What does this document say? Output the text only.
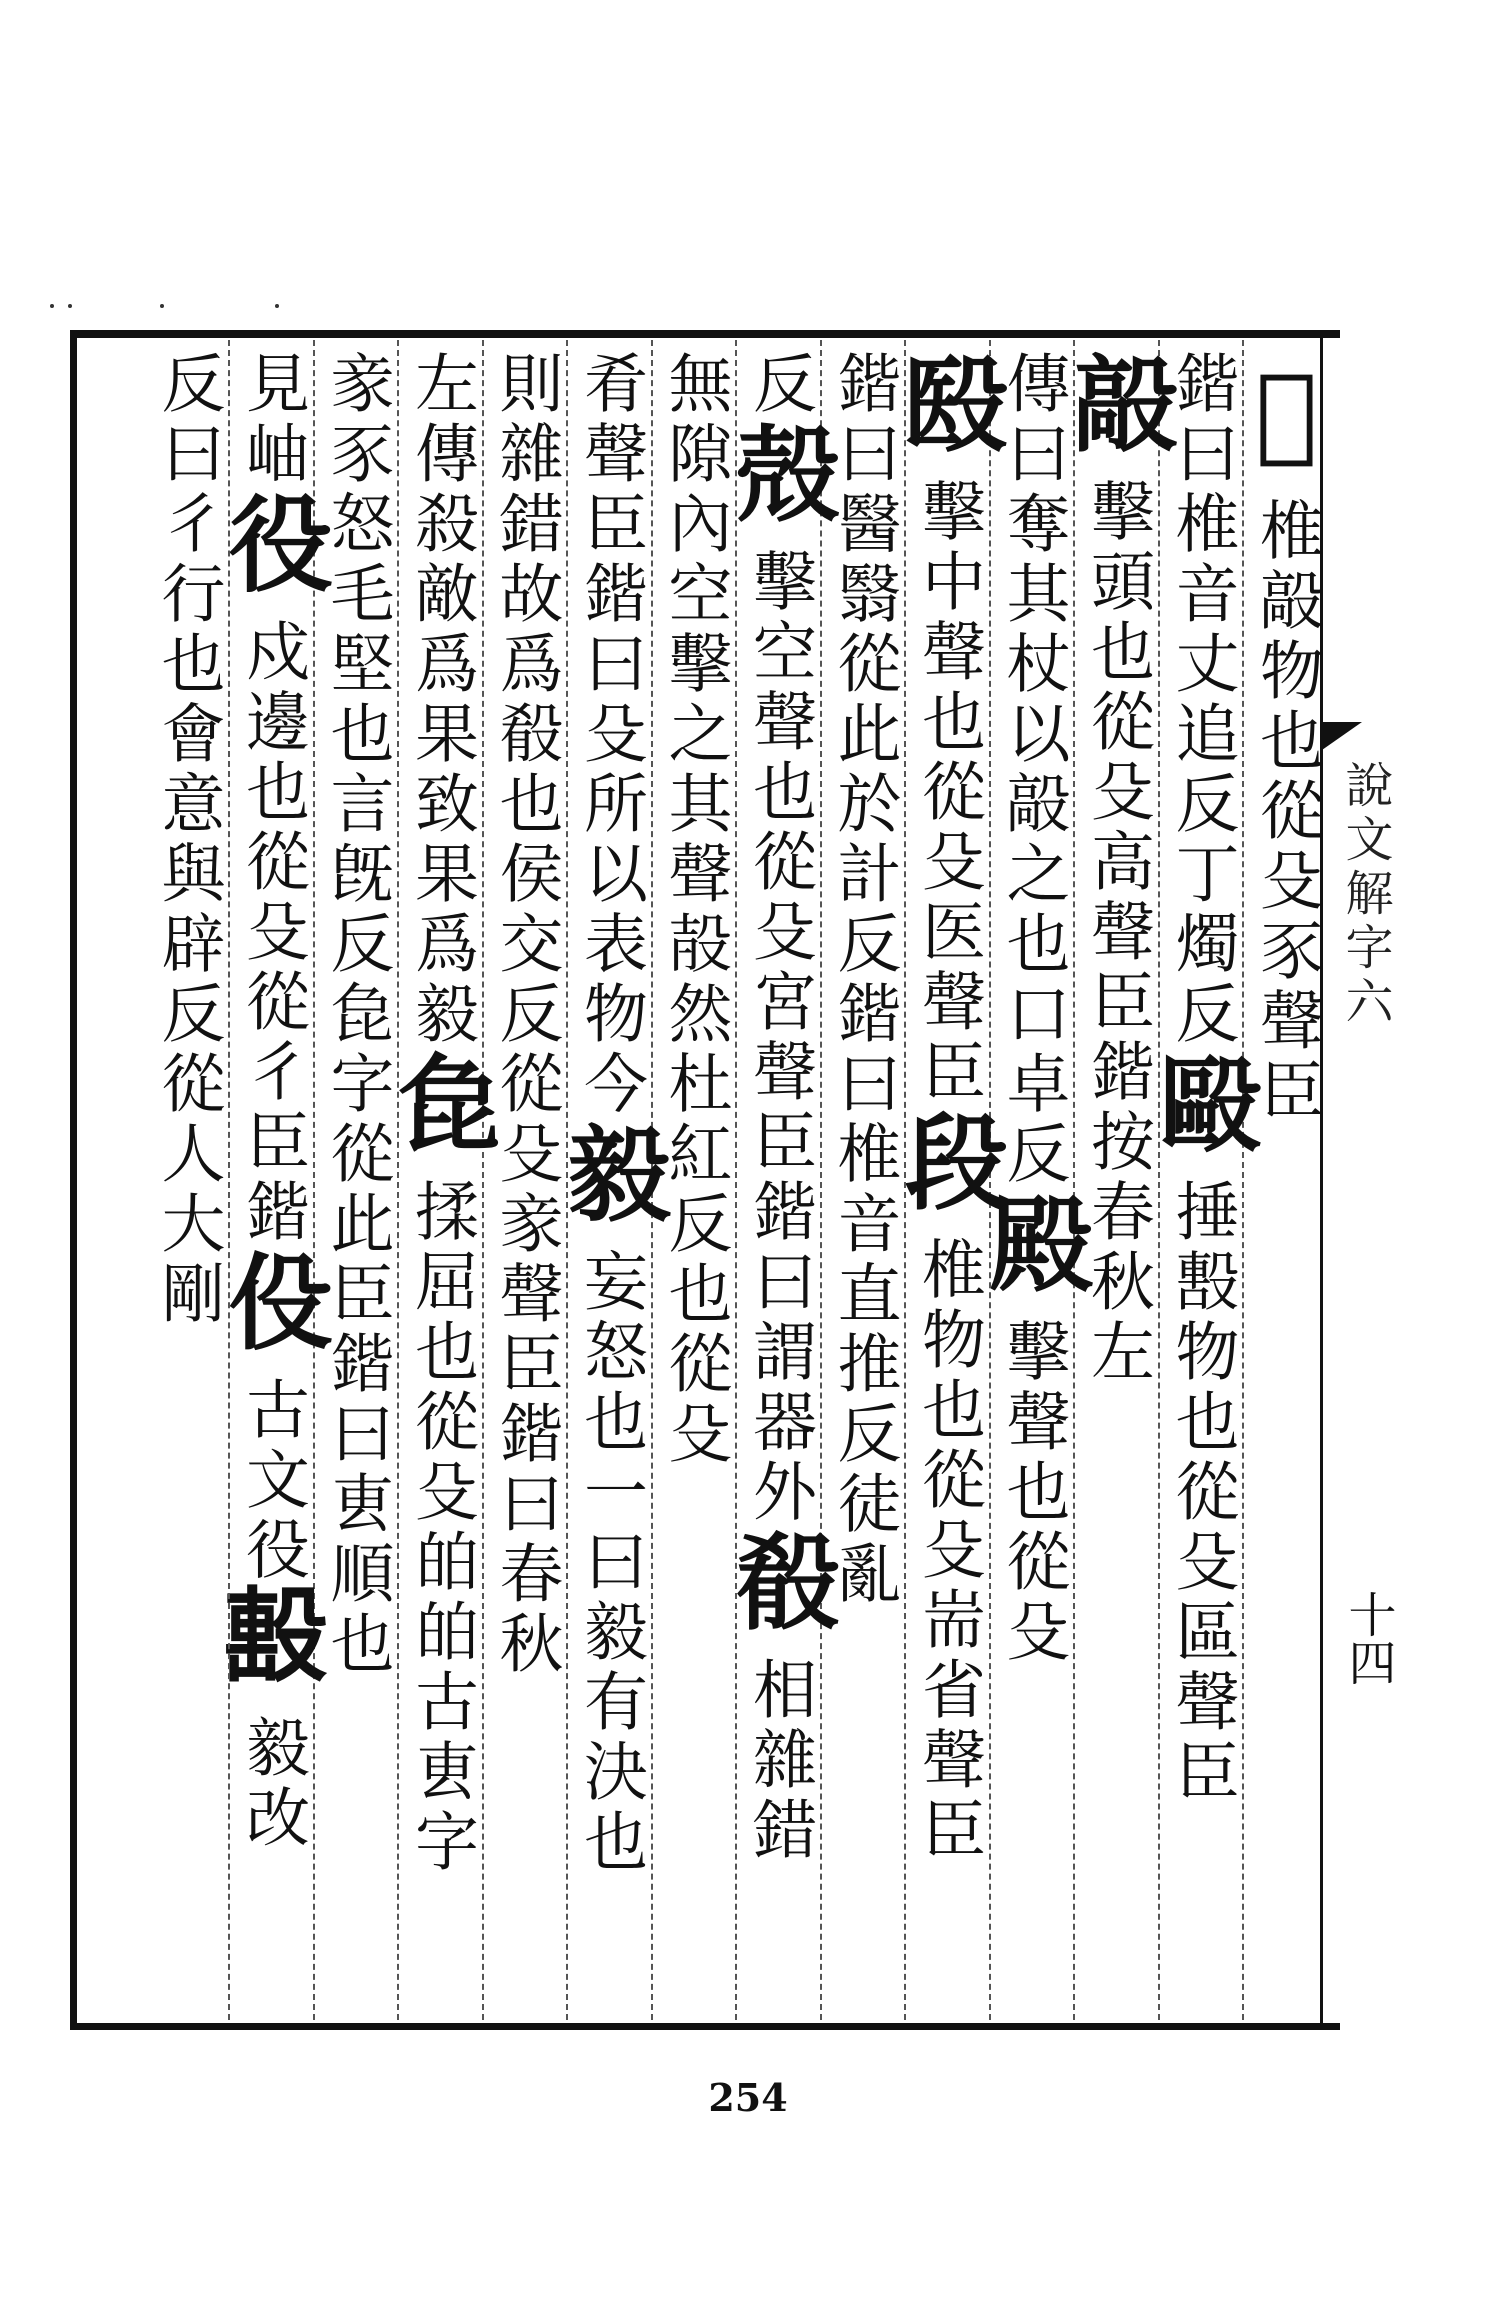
說文解字六
十四
𣪩椎毃物也從殳豕聲臣
鍇曰椎音丈追反丁燭反毆捶毄物也從殳區聲臣
毃擊頭也從殳高聲臣鍇按春秋左
傳曰奪其杖以毃之也口卓反殿擊聲也從殳
殹擊中聲也從殳医聲臣段椎物也從殳耑省聲臣
鍇曰醫翳從此於計反鍇曰椎音直推反徒亂
反殻擊空聲也從殳宮聲臣鍇曰謂器外殽相雜錯
無隙內空擊之其聲㱿然杜紅反也從殳
肴聲臣鍇曰殳所以表物今毅妄怒也一曰毅有決也
則雜錯故爲殽也侯交反從殳豙聲臣鍇曰春秋
左傳殺敵爲果致果爲毅㲋揉屈也從殳㿟㿟古叀字
豙豕怒毛堅也言旣反㲋字從此臣鍇曰叀順也
見岫役戍邊也從殳從彳臣鍇伇古文役𣪠毅改
反曰彳行也會意與辟反從人大剛
254
